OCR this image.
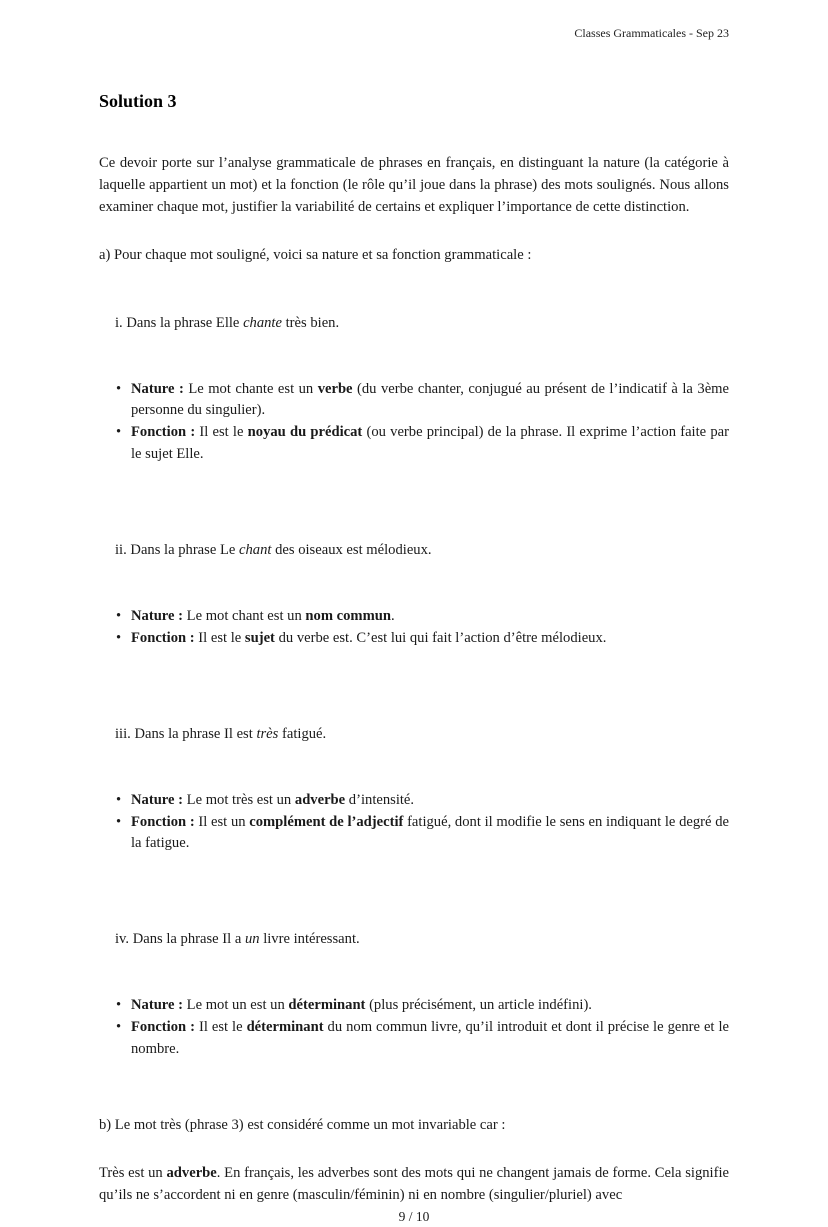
Classes Grammaticales - Sep 23
Solution 3

Ce devoir porte sur l’analyse grammaticale de phrases en français, en distinguant la nature (la catégorie à laquelle appartient un mot) et la fonction (le rôle qu’il joue dans la phrase) des mots soulignés. Nous allons examiner chaque mot, justifier la variabilité de certains et expliquer l’importance de cette distinction.

a) Pour chaque mot souligné, voici sa nature et sa fonction grammaticale :

i. Dans la phrase Elle chante très bien.

• Nature : Le mot chante est un verbe (du verbe chanter, conjugué au présent de l’indicatif à la 3ème personne du singulier).
• Fonction : Il est le noyau du prédicat (ou verbe principal) de la phrase. Il exprime l’action faite par le sujet Elle.

ii. Dans la phrase Le chant des oiseaux est mélodieux.

• Nature : Le mot chant est un nom commun.
• Fonction : Il est le sujet du verbe est. C’est lui qui fait l’action d’être mélodieux.

iii. Dans la phrase Il est très fatigué.

• Nature : Le mot très est un adverbe d’intensité.
• Fonction : Il est un complément de l’adjectif fatigué, dont il modifie le sens en indiquant le degré de la fatigue.

iv. Dans la phrase Il a un livre intéressant.

• Nature : Le mot un est un déterminant (plus précisément, un article indéfini).
• Fonction : Il est le déterminant du nom commun livre, qu’il introduit et dont il précise le genre et le nombre.

b) Le mot très (phrase 3) est considéré comme un mot invariable car :

Très est un adverbe. En français, les adverbes sont des mots qui ne changent jamais de forme. Cela signifie qu’ils ne s’accordent ni en genre (masculin/féminin) ni en nombre (singulier/pluriel) avec

9 / 10
